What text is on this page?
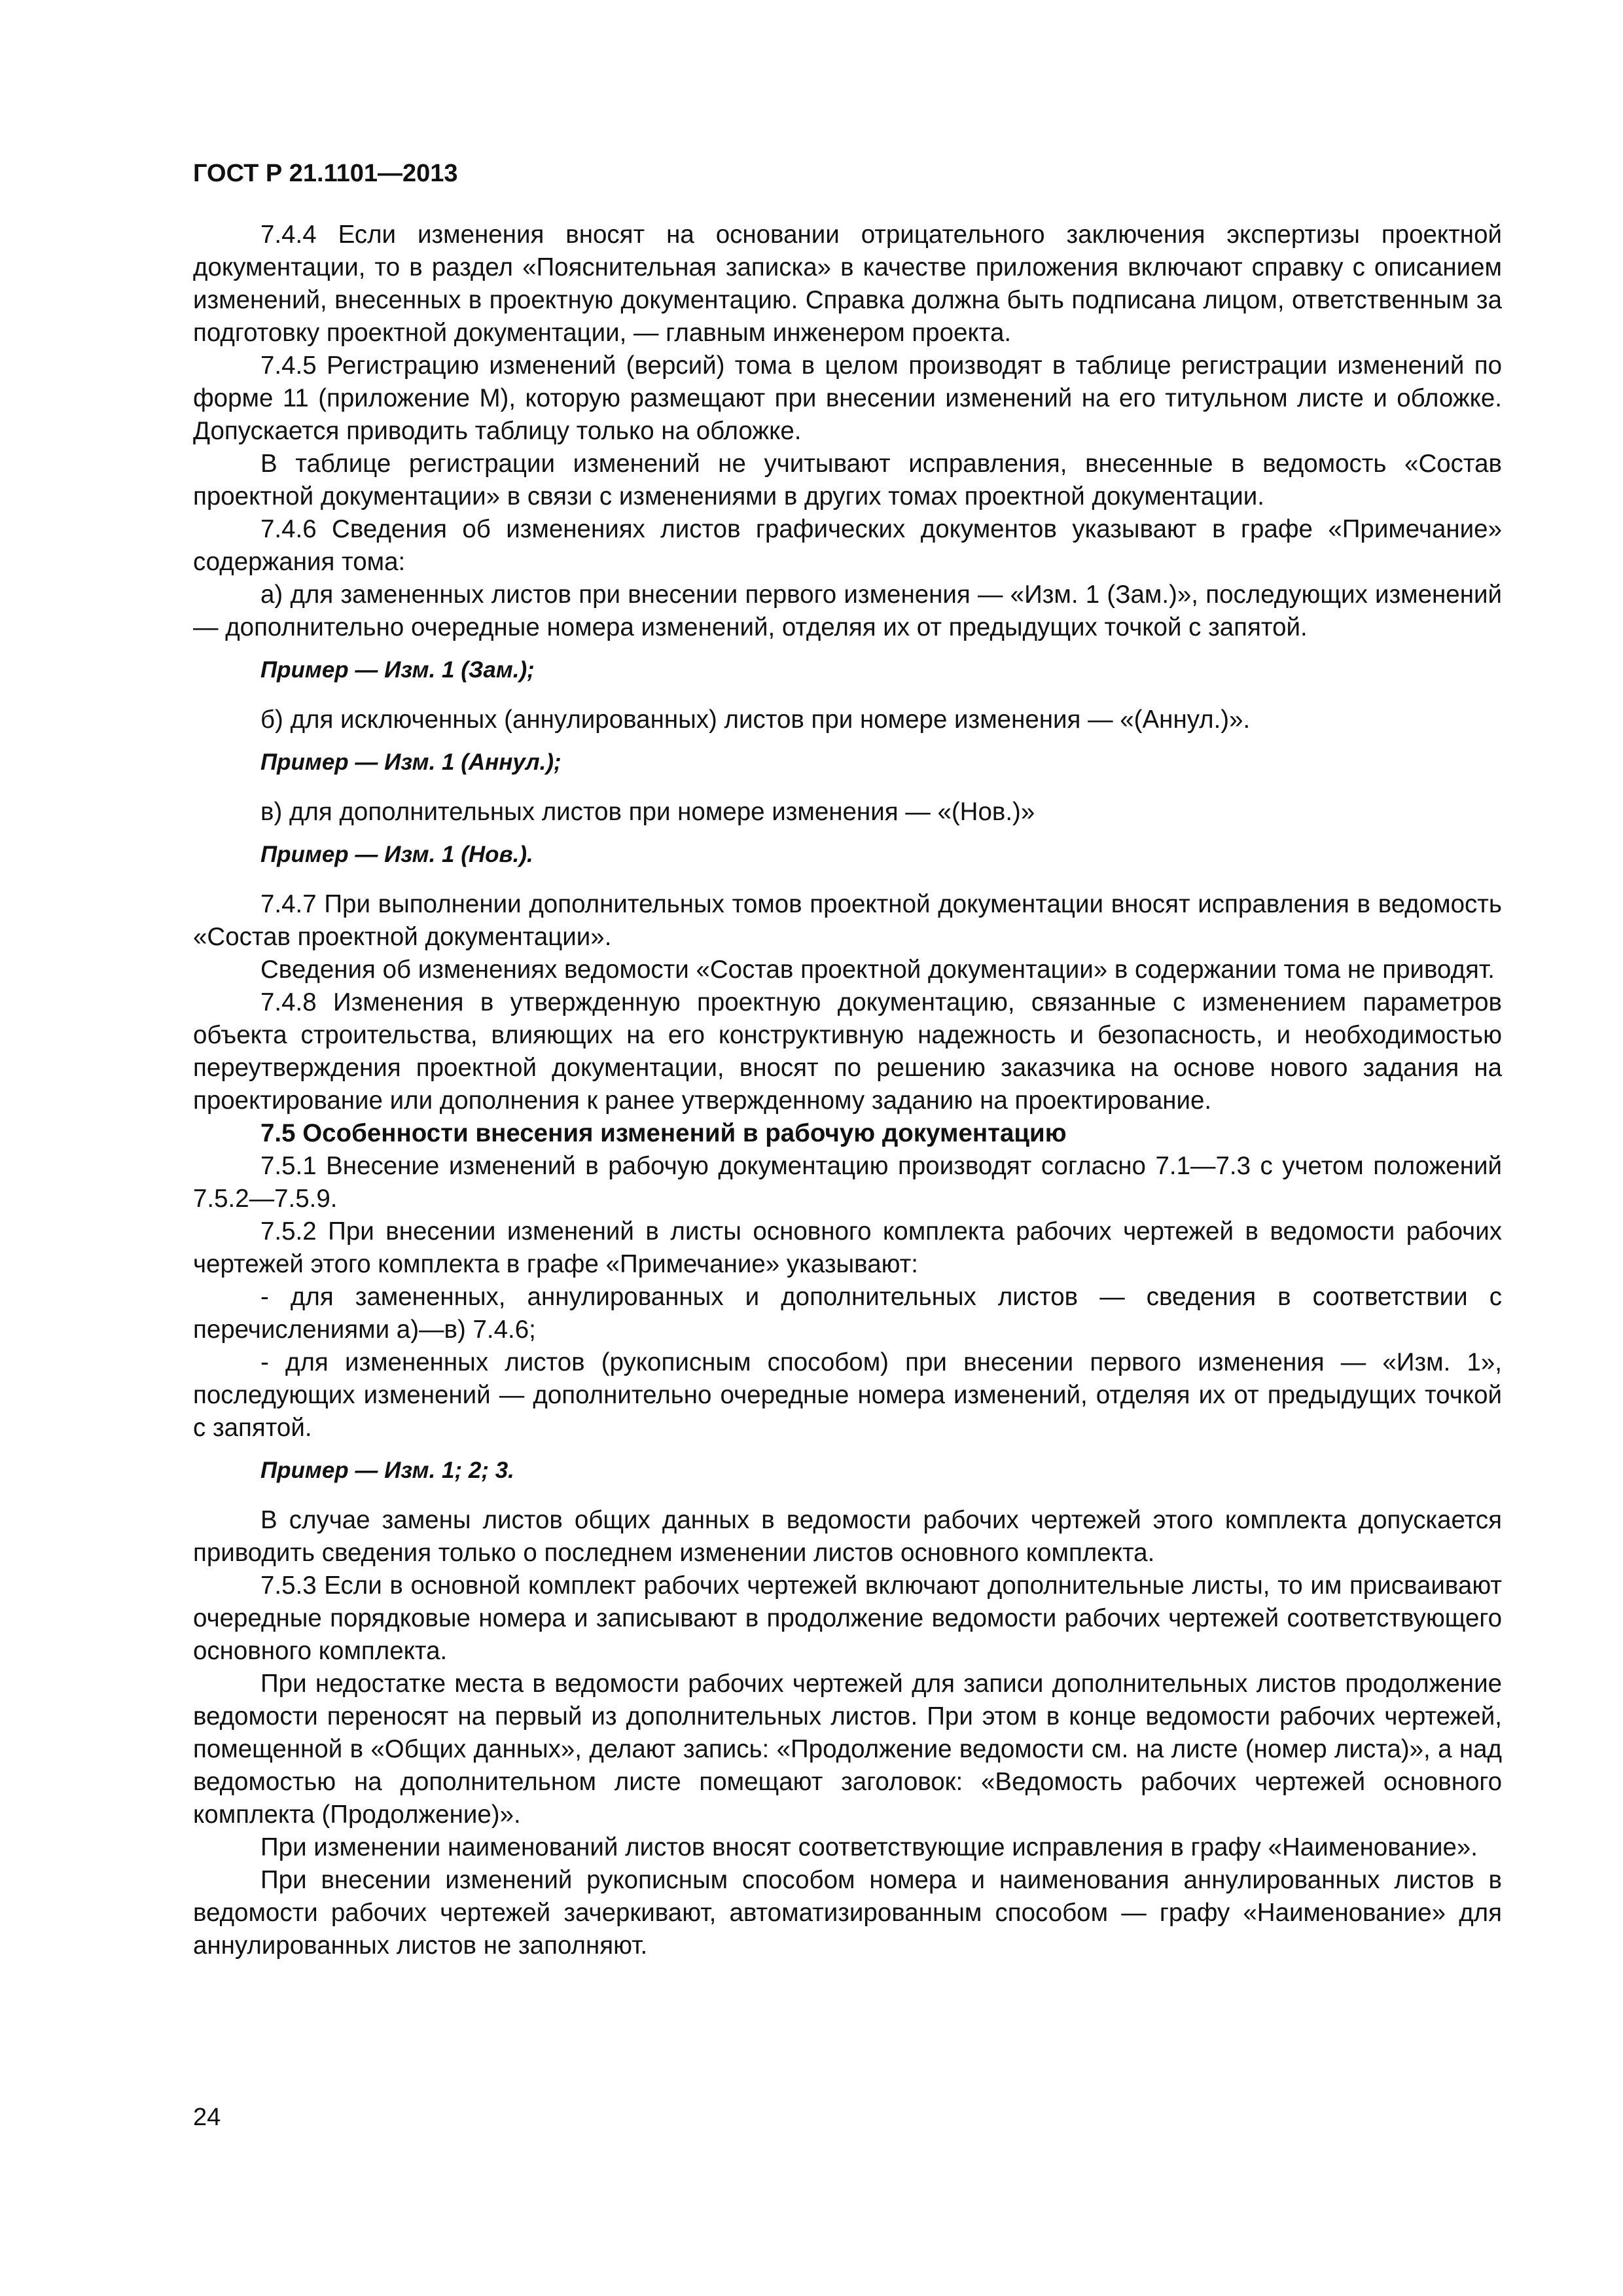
ГОСТ Р 21.1101—2013

7.4.4 Если изменения вносят на основании отрицательного заключения экспертизы проектной документации, то в раздел «Пояснительная записка» в качестве приложения включают справку с описанием изменений, внесенных в проектную документацию. Справка должна быть подписана лицом, ответственным за подготовку проектной документации, — главным инженером проекта.

7.4.5 Регистрацию изменений (версий) тома в целом производят в таблице регистрации изменений по форме 11 (приложение М), которую размещают при внесении изменений на его титульном листе и обложке. Допускается приводить таблицу только на обложке.

В таблице регистрации изменений не учитывают исправления, внесенные в ведомость «Состав проектной документации» в связи с изменениями в других томах проектной документации.

7.4.6 Сведения об изменениях листов графических документов указывают в графе «Примечание» содержания тома:

а) для замененных листов при внесении первого изменения — «Изм. 1 (Зам.)», последующих изменений — дополнительно очередные номера изменений, отделяя их от предыдущих точкой с запятой.

Пример — Изм. 1 (Зам.);

б) для исключенных (аннулированных) листов при номере изменения — «(Аннул.)».

Пример — Изм. 1 (Аннул.);

в) для дополнительных листов при номере изменения — «(Нов.)»

Пример — Изм. 1 (Нов.).

7.4.7 При выполнении дополнительных томов проектной документации вносят исправления в ведомость «Состав проектной документации».

Сведения об изменениях ведомости «Состав проектной документации» в содержании тома не приводят.

7.4.8 Изменения в утвержденную проектную документацию, связанные с изменением параметров объекта строительства, влияющих на его конструктивную надежность и безопасность, и необходимостью переутверждения проектной документации, вносят по решению заказчика на основе нового задания на проектирование или дополнения к ранее утвержденному заданию на проектирование.

7.5 Особенности внесения изменений в рабочую документацию

7.5.1 Внесение изменений в рабочую документацию производят согласно 7.1—7.3 с учетом положений 7.5.2—7.5.9.

7.5.2 При внесении изменений в листы основного комплекта рабочих чертежей в ведомости рабочих чертежей этого комплекта в графе «Примечание» указывают:

- для замененных, аннулированных и дополнительных листов — сведения в соответствии с перечислениями а)—в) 7.4.6;

- для измененных листов (рукописным способом) при внесении первого изменения — «Изм. 1», последующих изменений — дополнительно очередные номера изменений, отделяя их от предыдущих точкой с запятой.

Пример — Изм. 1; 2; 3.

В случае замены листов общих данных в ведомости рабочих чертежей этого комплекта допускается приводить сведения только о последнем изменении листов основного комплекта.

7.5.3 Если в основной комплект рабочих чертежей включают дополнительные листы, то им присваивают очередные порядковые номера и записывают в продолжение ведомости рабочих чертежей соответствующего основного комплекта.

При недостатке места в ведомости рабочих чертежей для записи дополнительных листов продолжение ведомости переносят на первый из дополнительных листов. При этом в конце ведомости рабочих чертежей, помещенной в «Общих данных», делают запись: «Продолжение ведомости см. на листе (номер листа)», а над ведомостью на дополнительном листе помещают заголовок: «Ведомость рабочих чертежей основного комплекта (Продолжение)».

При изменении наименований листов вносят соответствующие исправления в графу «Наименование».

При внесении изменений рукописным способом номера и наименования аннулированных листов в ведомости рабочих чертежей зачеркивают, автоматизированным способом — графу «Наименование» для аннулированных листов не заполняют.

24
